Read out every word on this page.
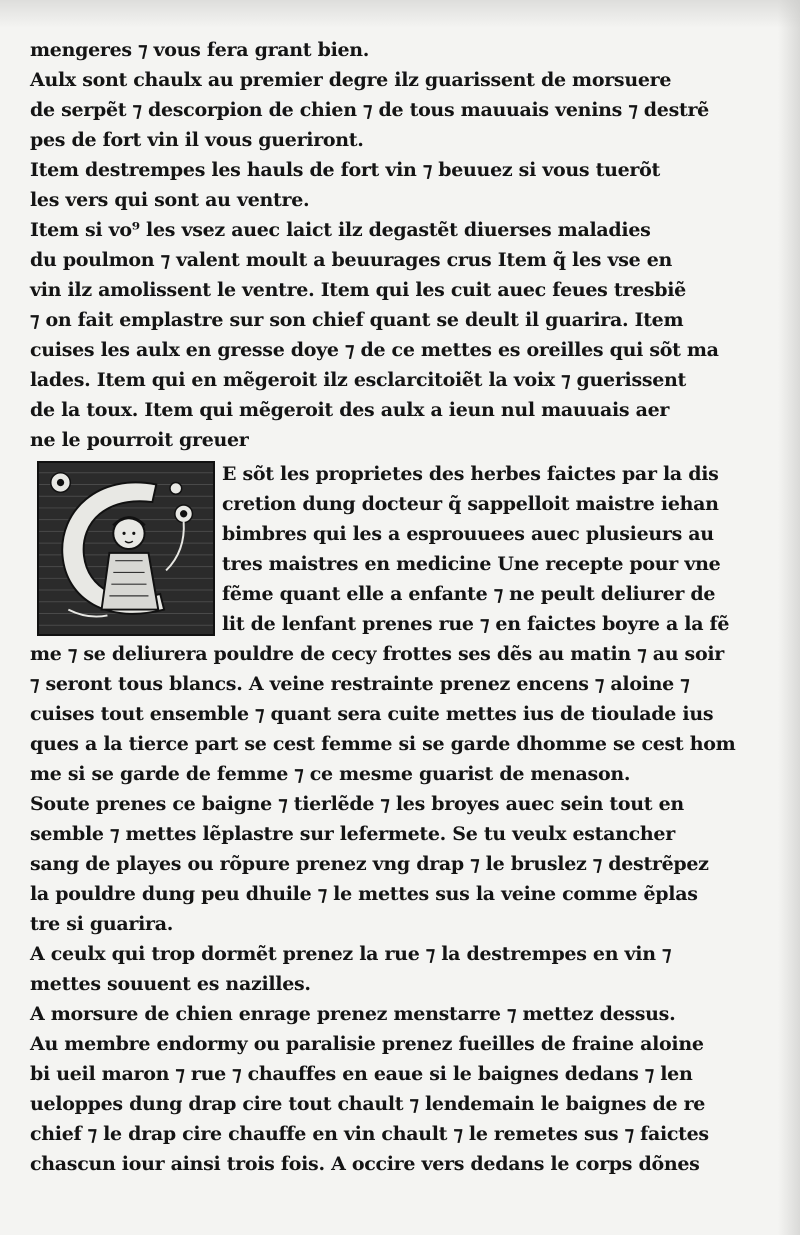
mengeres ⁊ vous fera grant bien.
Aulx sont chaulx au premier degre ilz guarissent de morsuere
de serpẽt ⁊ descorpion de chien ⁊ de tous mauuais venins ⁊ destrẽ
pes de fort vin il vous gueriront.
Item destrempes les hauls de fort vin ⁊ beuuez si vous tuerõt
les vers qui sont au ventre.
Item si vo⁹ les vsez auec laict ilz degastẽt diuerses maladies
du poulmon ⁊ valent moult a beuurages crus Item q̃ les vse en
vin ilz amolissent le ventre. Item qui les cuit auec feues tresbiẽ
⁊ on fait emplastre sur son chief quant se deult il guarira. Item
cuises les aulx en gresse doye ⁊ de ce mettes es oreilles qui sõt ma
lades. Item qui en mẽgeroit ilz esclarcitoiẽt la voix ⁊ guerissent
de la toux. Item qui mẽgeroit des aulx a ieun nul mauuais aer
ne le pourroit greuer
E sõt les proprietes des herbes faictes par la dis
cretion dung docteur q̃ sappelloit maistre iehan
bimbres qui les a esprouuees auec plusieurs au
tres maistres en medicine Une recepte pour vne
fẽme quant elle a enfante ⁊ ne peult deliurer de
lit de lenfant prenes rue ⁊ en faictes boyre a la fẽ
me ⁊ se deliurera pouldre de cecy frottes ses dẽs au matin ⁊ au soir
⁊ seront tous blancs. A veine restrainte prenez encens ⁊ aloine ⁊
cuises tout ensemble ⁊ quant sera cuite mettes ius de tioulade ius
ques a la tierce part se cest femme si se garde dhomme se cest hom
me si se garde de femme ⁊ ce mesme guarist de menason.
Soute prenes ce baigne ⁊ tierlẽde ⁊ les broyes auec sein tout en
semble ⁊ mettes lẽplastre sur lefermete. Se tu veulx estancher
sang de playes ou rõpure prenez vng drap ⁊ le bruslez ⁊ destrẽpez
la pouldre dung peu dhuile ⁊ le mettes sus la veine comme ẽplas
tre si guarira.
A ceulx qui trop dormẽt prenez la rue ⁊ la destrempes en vin ⁊
mettes souuent es nazilles.
A morsure de chien enrage prenez menstarre ⁊ mettez dessus.
Au membre endormy ou paralisie prenez fueilles de fraine aloine
bi ueil maron ⁊ rue ⁊ chauffes en eaue si le baignes dedans ⁊ len
ueloppes dung drap cire tout chault ⁊ lendemain le baignes de re
chief ⁊ le drap cire chauffe en vin chault ⁊ le remetes sus ⁊ faictes
chascun iour ainsi trois fois. A occire vers dedans le corps dõnes
